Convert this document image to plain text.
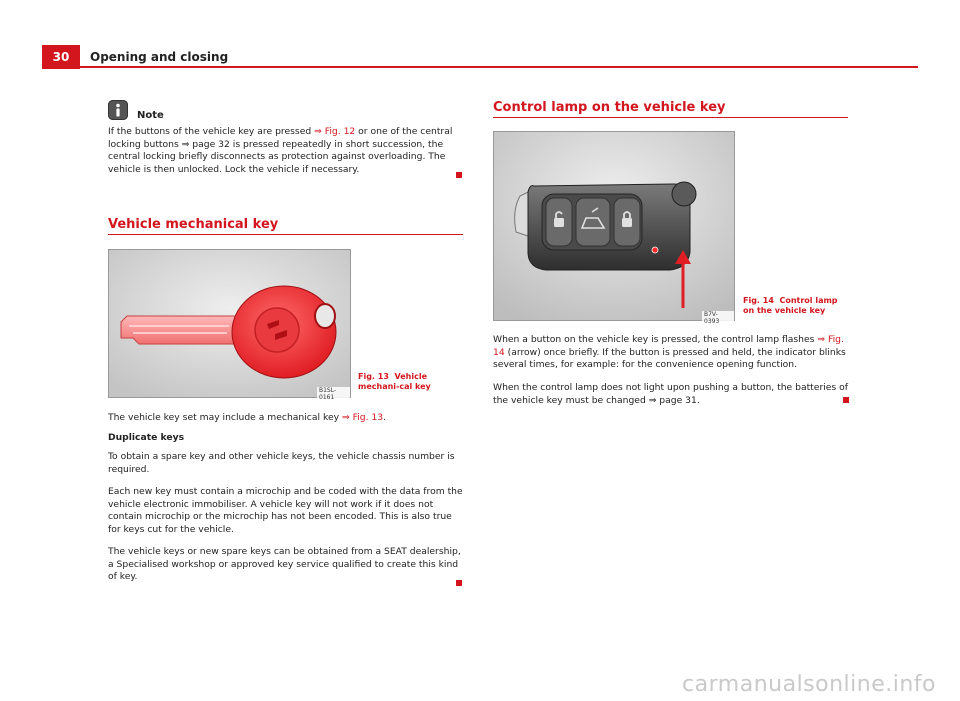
30	Opening and closing
Note
If the buttons of the vehicle key are pressed ⇒ Fig. 12 or one of the central locking buttons ⇒ page 32 is pressed repeatedly in short succession, the central locking briefly disconnects as protection against overloading. The vehicle is then unlocked. Lock the vehicle if necessary.
Vehicle mechanical key
B1SL-0161
Fig. 13 Vehicle mechani-cal key
The vehicle key set may include a mechanical key ⇒ Fig. 13.
Duplicate keys
To obtain a spare key and other vehicle keys, the vehicle chassis number is required.
Each new key must contain a microchip and be coded with the data from the vehicle electronic immobiliser. A vehicle key will not work if it does not contain microchip or the microchip has not been encoded. This is also true for keys cut for the vehicle.
The vehicle keys or new spare keys can be obtained from a SEAT dealership, a Specialised workshop or approved key service qualified to create this kind of key.
Control lamp on the vehicle key
B7V-0393
Fig. 14 Control lamp on the vehicle key
When a button on the vehicle key is pressed, the control lamp flashes ⇒ Fig. 14 (arrow) once briefly. If the button is pressed and held, the indicator blinks several times, for example: for the convenience opening function.
When the control lamp does not light upon pushing a button, the batteries of the vehicle key must be changed ⇒ page 31.
carmanualsonline.info
